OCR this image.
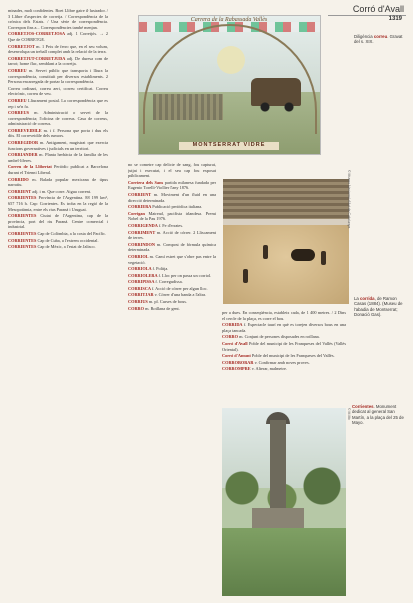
Corró d'Avall
1319

minades, molt confidentes. Boet Llibre gaire il·lustrador. / 3 Llibre d'aspectes de corretja. / Correspondència de la crònica dels Estats. / Una sèrie de correspondència. Correspon fins a... Correspondències també menjan.

CORRETJOS-CORRETJOSA adj. 1 Corretjós. → 2 Que de CORRETGE.

CORRETJOT m. 1 Peix de ferro que, en el seu volum, desenvolupa un treball complet amb la relació de la terra.

CORRETJUT-CORRETJUDA adj. De duresa com de tarrot; home flac, semblant a la corretja.

CORREU m. Servei públic que transporta i lliura la correspondència, constituït per diversos establiments. 2 Persona encarregada de portar la correspondència.

Correu ordinari, correu aeri, correu certificat. Correu electrònic, correu de veu.

CORREU Lliurament postal. La correspondència que es rep i se'n fa.

CORREUS m. Administració o servei de la correspondència; l'oficina de correus. Casa de correus, administració de correus.

CORREVEIDILE m. i f. Persona que porta i duu els dits. El correveidile dels rumors.

CORREGIDOR m. Antigament, magistrat que exercia funcions governatives i judicials en un territori.

CORRIANDER m. Planta herbàcia de la família de les umbel·líferes.

Correu de la Llibertat Periòdic publicat a Barcelona durant el Trienni Liberal.

CORRIDO m. Balada popular mexicana de tipus narratiu.

CORRIENT adj. i m. Que corre. Aigua corrent.

CORRIENTES Província de l'Argentina. 88 199 km², 657 716 h. Cap: Corrientes. Es troba en la regió de la Mesopotàmia, entre els rius Paraná i Uruguai.

CORRIENTES Ciutat de l'Argentina, cap de la província, port del riu Paraná. Centre comercial i industrial.

CORRIENTES Cap de Colòmbia, a la costa del Pacífic.

CORRIENTES Cap de Cuba, a l'extrem occidental.

CORRIENTES Cap de Mèxic, a l'estat de Jalisco.

Carrera de la Rabassada Vallès
MONTSERRAT VIDRE
Diligència correu. Gravat del s. XIX.

no se cometre cap delicte de sang, fou capturat, jutjat i executat, i el seu cap fou exposat públicament.

Corriera dels Sans partida milanesa fundada per Eugenio Torelli-Viollier l'any 1876.

CORRIENT m. Moviment d'un fluid en una direcció determinada.

CORRIERA Publicació periòdica italiana.

Corrigan Mairead, pacifista irlandesa. Premi Nobel de la Pau 1976.

CORRIGENDA f. Fe d'errates.

CORRIMENT m. Acció de córrer. 2 Lliscament de terres.

CORRINDON m. Compost de fórmula química determinada.

CORRIOL m. Camí estret que s'obre pas entre la vegetació.

CORRIOLA f. Politja.

CORRIOLERA f. Lloc per on passa un corriol.

CORRIPISSA f. Corregudissa.

CORRISCA f. Acció de córrer per algun lloc.

CORRITJAR v. Córrer d'una banda a l'altra.

CORRIUS m. pl. Curses de bous.

CORRO m. Rotllana de gent.

© Museu Nacional d'Art de Catalunya
La corrida, de Ramon Casas (1884). (Museu de l'abadia de Montserrat; Donació Gas).

per a dues. En conseqüència, estableix cada, de 1 400 metres. / 2 Dins el cercle de la plaça, es corre el bou.

CORRIDA f. Espectacle taurí en què es torejen diversos bous en una plaça tancada.

CORRO m. Conjunt de persones disposades en rotllana.

Corró d'Avall Poble del municipi de les Franqueses del Vallès (Vallès Oriental).

Corró d'Amunt Poble del municipi de les Franqueses del Vallès.

CORROBORAR v. Confirmar amb noves proves.

CORROMPRE v. Alterar, malmetre.

© M.Mc
Corrientes. Monument dedicat al general San Martín, a la plaça del 25 de Mayo.
